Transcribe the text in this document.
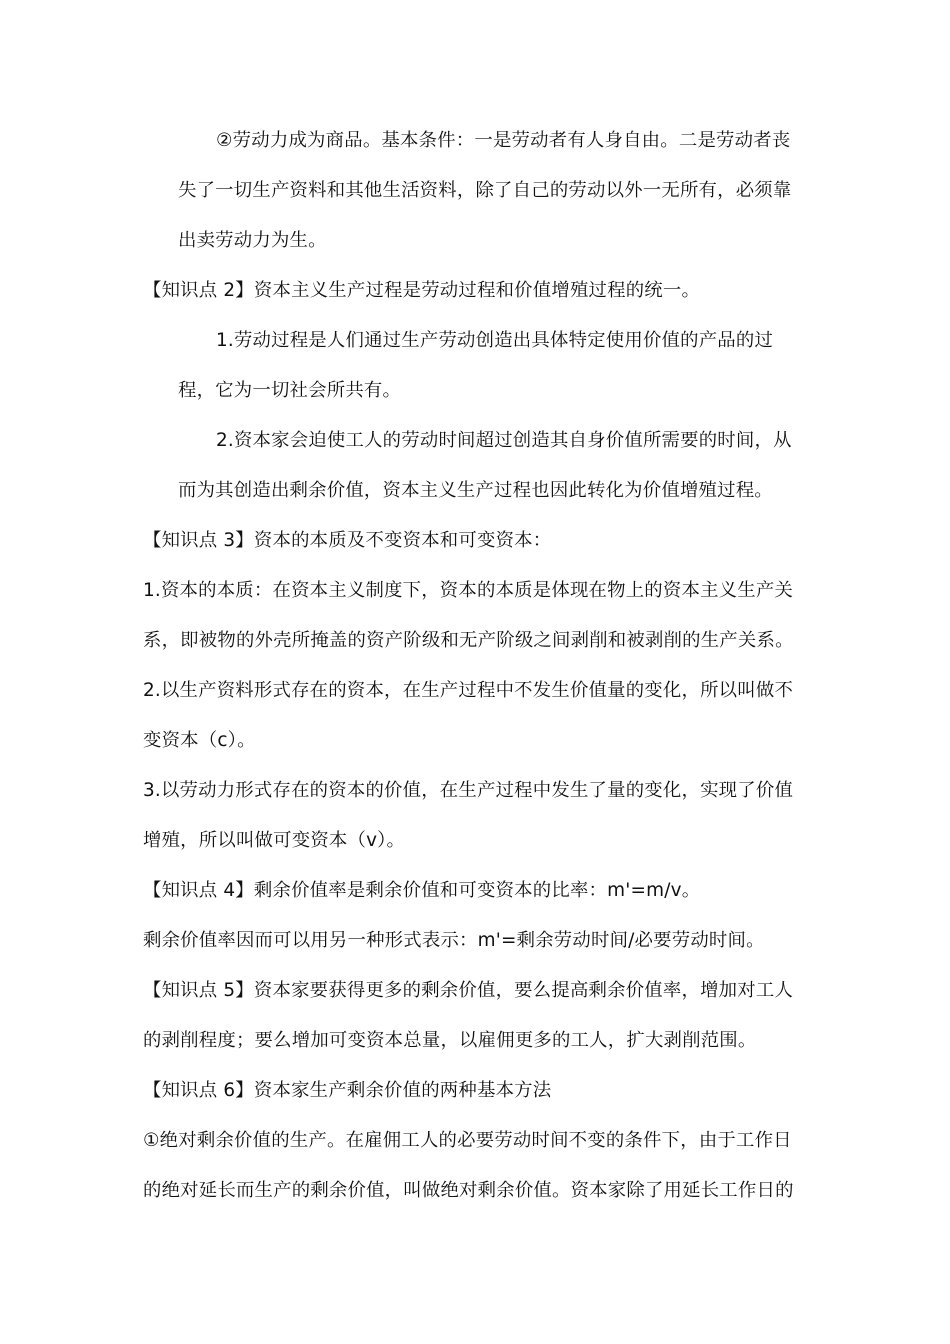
②劳动力成为商品。基本条件：一是劳动者有人身自由。二是劳动者丧
失了一切生产资料和其他生活资料，除了自己的劳动以外一无所有，必须靠
出卖劳动力为生。
【知识点 2】资本主义生产过程是劳动过程和价值增殖过程的统一。
1.劳动过程是人们通过生产劳动创造出具体特定使用价值的产品的过
程，它为一切社会所共有。
2.资本家会迫使工人的劳动时间超过创造其自身价值所需要的时间，从
而为其创造出剩余价值，资本主义生产过程也因此转化为价值增殖过程。
【知识点 3】资本的本质及不变资本和可变资本：
1.资本的本质：在资本主义制度下，资本的本质是体现在物上的资本主义生产关
系，即被物的外壳所掩盖的资产阶级和无产阶级之间剥削和被剥削的生产关系。
2.以生产资料形式存在的资本，在生产过程中不发生价值量的变化，所以叫做不
变资本（c）。
3.以劳动力形式存在的资本的价值，在生产过程中发生了量的变化，实现了价值
增殖，所以叫做可变资本（v）。
【知识点 4】剩余价值率是剩余价值和可变资本的比率：m'=m/v。
剩余价值率因而可以用另一种形式表示：m'=剩余劳动时间/必要劳动时间。
【知识点 5】资本家要获得更多的剩余价值，要么提高剩余价值率，增加对工人
的剥削程度；要么增加可变资本总量，以雇佣更多的工人，扩大剥削范围。
【知识点 6】资本家生产剩余价值的两种基本方法
①绝对剩余价值的生产。在雇佣工人的必要劳动时间不变的条件下，由于工作日
的绝对延长而生产的剩余价值，叫做绝对剩余价值。资本家除了用延长工作日的
